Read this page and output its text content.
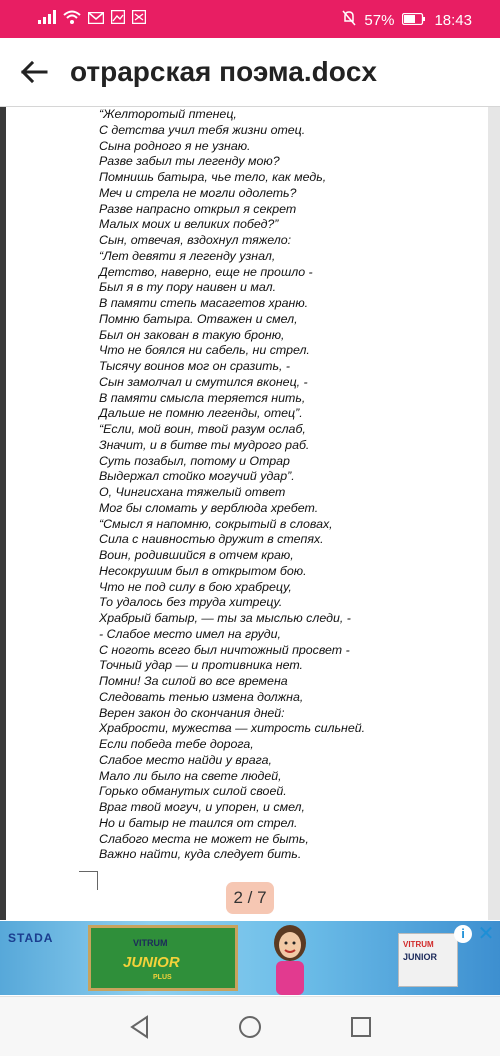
57%	18:43
отрарская поэма.docx
“Желторотый птенец,
С детства учил тебя жизни отец.
Сына родного я не узнаю.
Разве забыл ты легенду мою?
Помнишь батыра, чье тело, как медь,
Меч и стрела не могли одолеть?
Разве напрасно открыл я секрет
Малых моих и великих побед?”
Сын, отвечая, вздохнул тяжело:
“Лет девяти я легенду узнал,
Детство, наверно, еще не прошло -
Был я в ту пору наивен и мал.
В памяти степь масагетов храню.
Помню батыра. Отважен и смел,
Был он закован в такую броню,
Что не боялся ни сабель, ни стрел.
Тысячу воинов мог он сразить, -
Сын замолчал и смутился вконец, -
В памяти смысла теряется нить,
Дальше не помню легенды, отец”.
“Если, мой воин, твой разум ослаб,
Значит, и в битве ты мудрого раб.
Суть позабыл, потому и Отрар
Выдержал стойко могучий удар”.
О, Чингисхана тяжелый ответ
Мог бы сломать у верблюда хребет.
“Смысл я напомню, сокрытый в словах,
Сила с наивностью дружит в степях.
Воин, родившийся в отчем краю,
Несокрушим был в открытом бою.
Что не под силу в бою храбрецу,
То удалось без труда хитрецу.
Храбрый батыр, — ты за мыслью следи, -
- Слабое место имел на груди,
С ноготь всего был ничтожный просвет -
Точный удар — и противника нет.
Помни! За силой во все времена
Следовать тенью измена должна,
Верен закон до скончания дней:
Храбрости, мужества — хитрость сильней.
Если победа тебе дорога,
Слабое место найди у врага,
Мало ли было на свете людей,
Горько обманутых силой своей.
Враг твой могуч, и упорен, и смел,
Но и батыр не таился от стрел.
Слабого места не может не быть,
Важно найти, куда следует бить.
2 / 7
STADA	VITRUM
JUNIOR
PLUS
VITRUM
JUNIOR
i ✕
